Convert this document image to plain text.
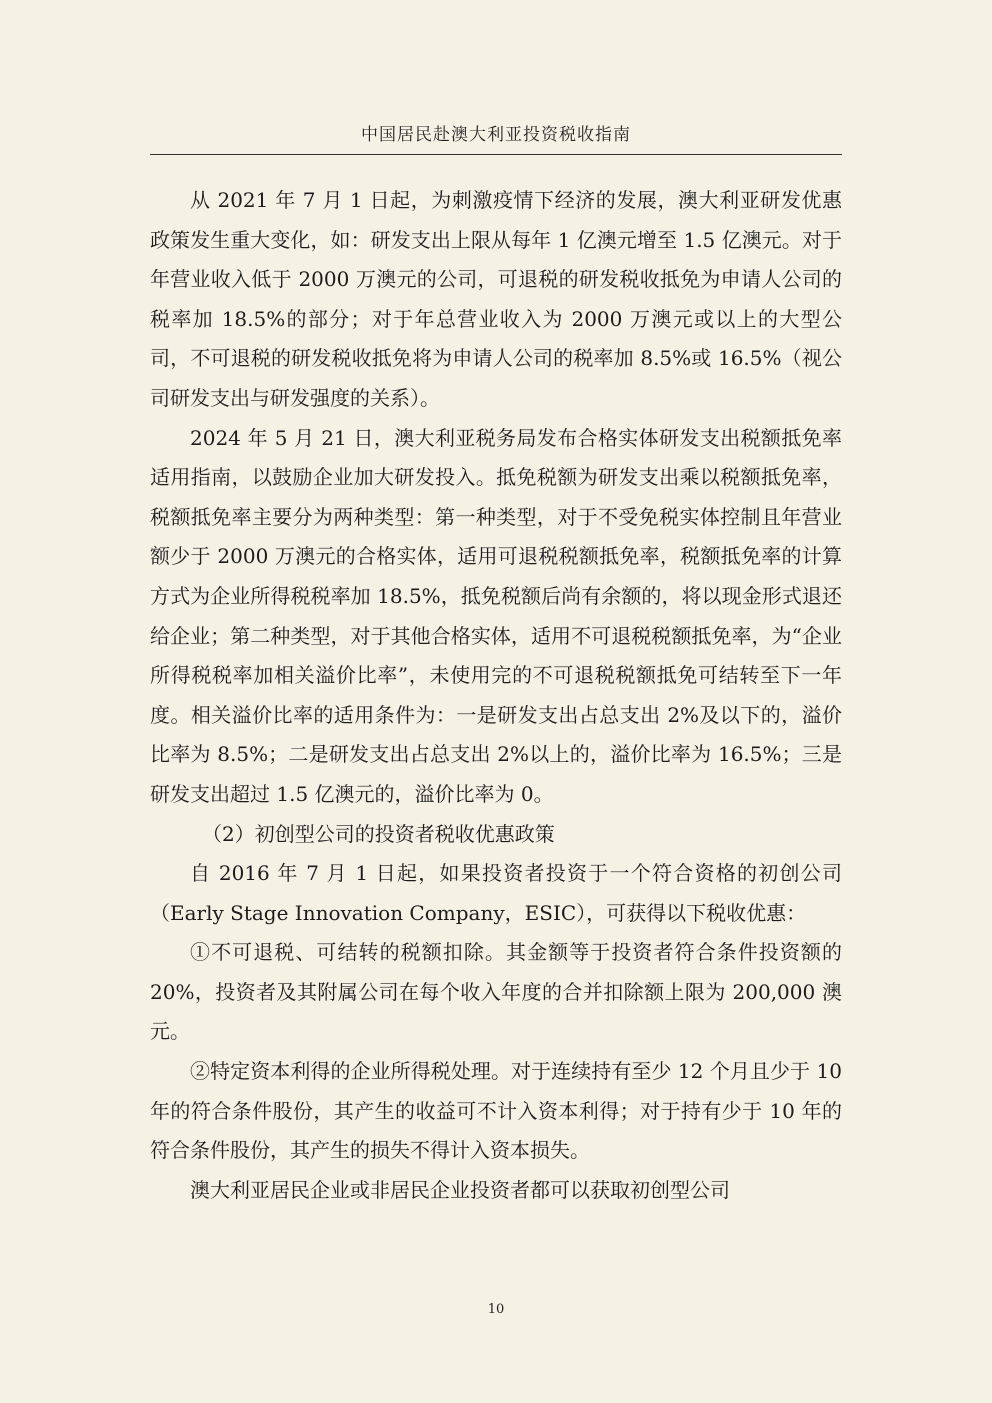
中国居民赴澳大利亚投资税收指南

从 2021 年 7 月 1 日起，为刺激疫情下经济的发展，澳大利亚研发优惠政策发生重大变化，如：研发支出上限从每年 1 亿澳元增至 1.5 亿澳元。对于年营业收入低于 2000 万澳元的公司，可退税的研发税收抵免为申请人公司的税率加 18.5%的部分；对于年总营业收入为 2000 万澳元或以上的大型公司，不可退税的研发税收抵免将为申请人公司的税率加 8.5%或 16.5%（视公司研发支出与研发强度的关系）。

2024 年 5 月 21 日，澳大利亚税务局发布合格实体研发支出税额抵免率适用指南，以鼓励企业加大研发投入。抵免税额为研发支出乘以税额抵免率，税额抵免率主要分为两种类型：第一种类型，对于不受免税实体控制且年营业额少于 2000 万澳元的合格实体，适用可退税税额抵免率，税额抵免率的计算方式为企业所得税税率加 18.5%，抵免税额后尚有余额的，将以现金形式退还给企业；第二种类型，对于其他合格实体，适用不可退税税额抵免率，为“企业所得税税率加相关溢价比率”，未使用完的不可退税税额抵免可结转至下一年度。相关溢价比率的适用条件为：一是研发支出占总支出 2%及以下的，溢价比率为 8.5%；二是研发支出占总支出 2%以上的，溢价比率为 16.5%；三是研发支出超过 1.5 亿澳元的，溢价比率为 0。

（2）初创型公司的投资者税收优惠政策

自 2016 年 7 月 1 日起，如果投资者投资于一个符合资格的初创公司（Early Stage Innovation Company，ESIC），可获得以下税收优惠：

①不可退税、可结转的税额扣除。其金额等于投资者符合条件投资额的 20%，投资者及其附属公司在每个收入年度的合并扣除额上限为 200,000 澳元。

②特定资本利得的企业所得税处理。对于连续持有至少 12 个月且少于 10 年的符合条件股份，其产生的收益可不计入资本利得；对于持有少于 10 年的符合条件股份，其产生的损失不得计入资本损失。

澳大利亚居民企业或非居民企业投资者都可以获取初创型公司

10
